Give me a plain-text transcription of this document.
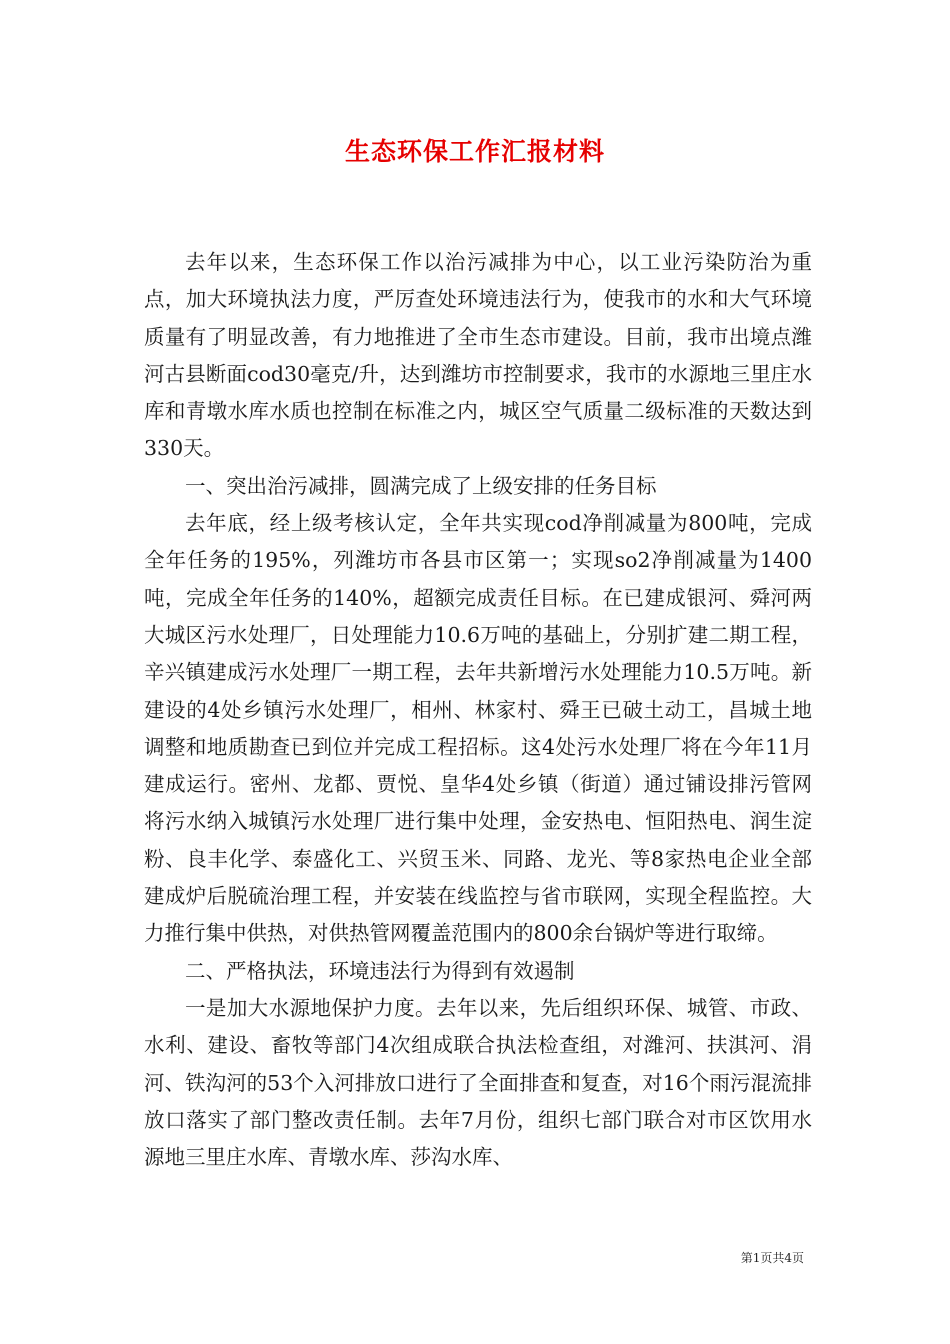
生态环保工作汇报材料

去年以来，生态环保工作以治污减排为中心，以工业污染防治为重点，加大环境执法力度，严厉查处环境违法行为，使我市的水和大气环境质量有了明显改善，有力地推进了全市生态市建设。目前，我市出境点潍河古县断面cod30毫克/升，达到潍坊市控制要求，我市的水源地三里庄水库和青墩水库水质也控制在标准之内，城区空气质量二级标准的天数达到330天。

一、突出治污减排，圆满完成了上级安排的任务目标

去年底，经上级考核认定，全年共实现cod净削减量为800吨，完成全年任务的195%，列潍坊市各县市区第一；实现so2净削减量为1400吨，完成全年任务的140%，超额完成责任目标。在已建成银河、舜河两大城区污水处理厂，日处理能力10.6万吨的基础上，分别扩建二期工程，辛兴镇建成污水处理厂一期工程，去年共新增污水处理能力10.5万吨。新建设的4处乡镇污水处理厂，相州、林家村、舜王已破土动工，昌城土地调整和地质勘查已到位并完成工程招标。这4处污水处理厂将在今年11月建成运行。密州、龙都、贾悦、皇华4处乡镇（街道）通过铺设排污管网将污水纳入城镇污水处理厂进行集中处理，金安热电、恒阳热电、润生淀粉、良丰化学、泰盛化工、兴贸玉米、同路、龙光、等8家热电企业全部建成炉后脱硫治理工程，并安装在线监控与省市联网，实现全程监控。大力推行集中供热，对供热管网覆盖范围内的800余台锅炉等进行取缔。

二、严格执法，环境违法行为得到有效遏制

一是加大水源地保护力度。去年以来，先后组织环保、城管、市政、水利、建设、畜牧等部门4次组成联合执法检查组，对潍河、扶淇河、涓河、铁沟河的53个入河排放口进行了全面排查和复查，对16个雨污混流排放口落实了部门整改责任制。去年7月份，组织七部门联合对市区饮用水源地三里庄水库、青墩水库、莎沟水库、

第1页共4页
